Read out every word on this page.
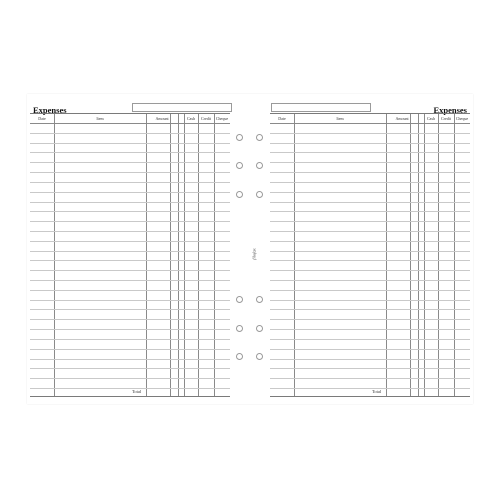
Expenses
Date	Item	Amount	Cash	Credit	Cheque
Total
Expenses
Date	Item	Amount	Cash	Credit	Cheque
Total
filofax
